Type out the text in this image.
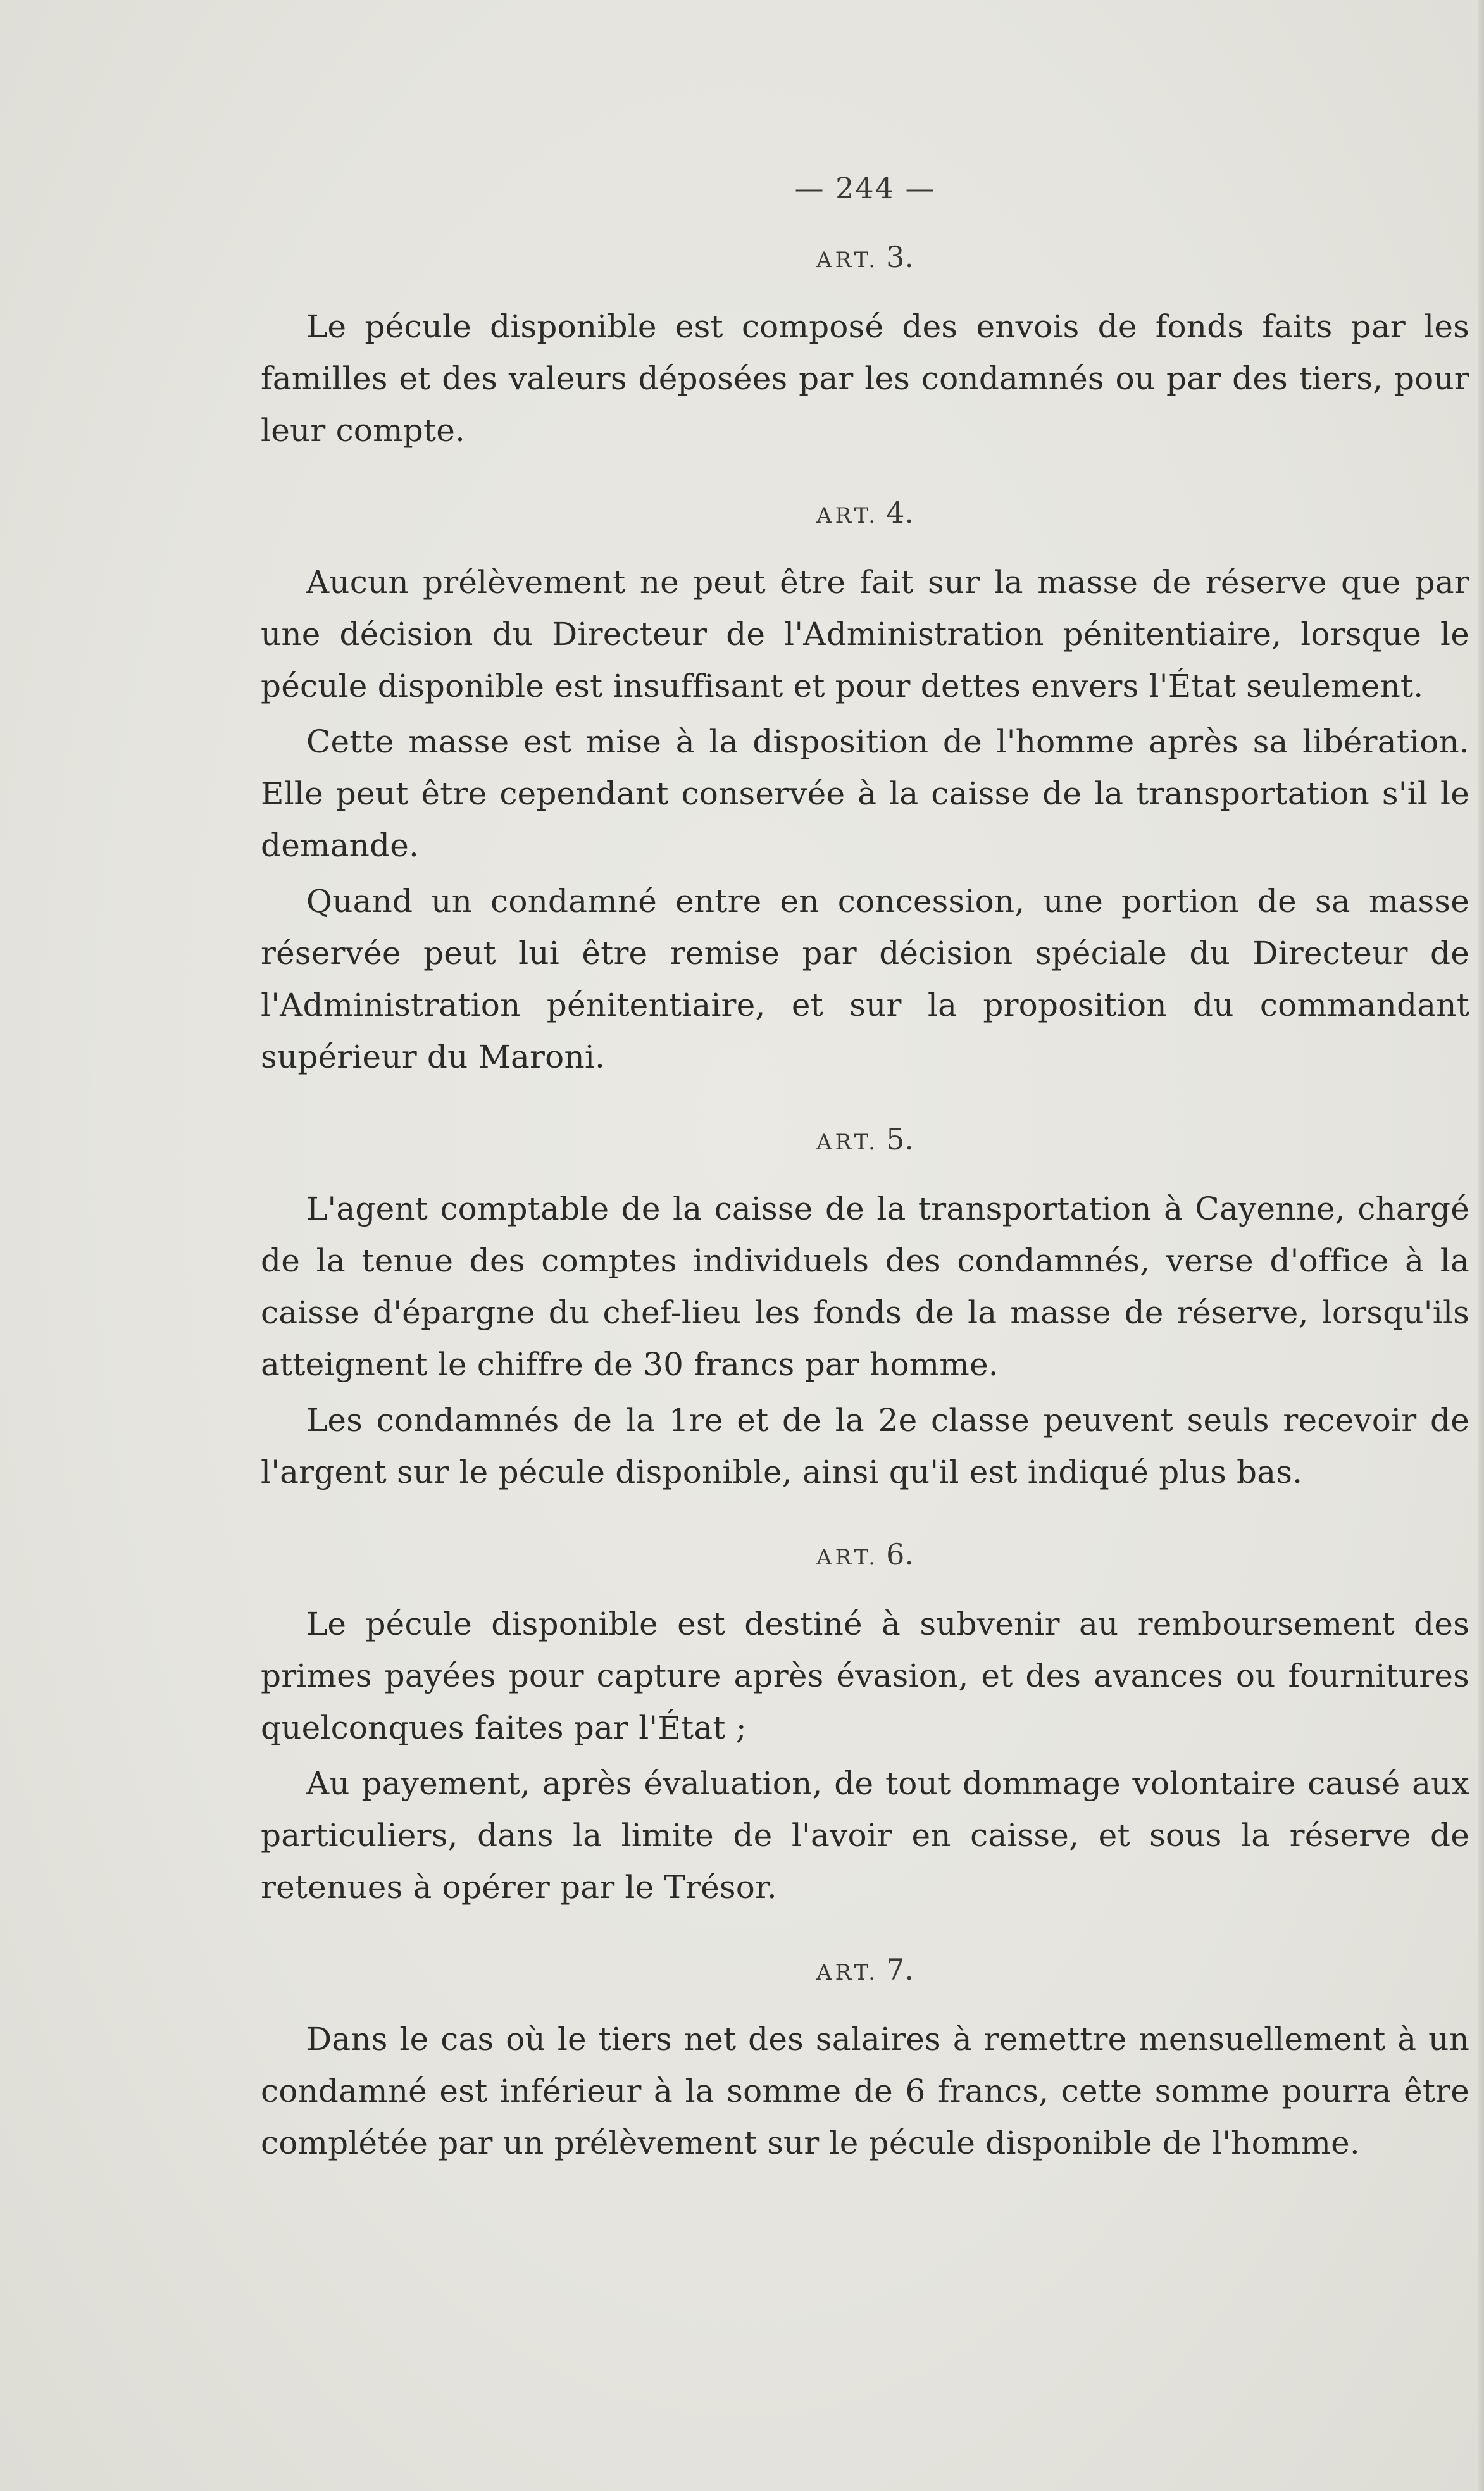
— 244 —
ART. 3.

Le pécule disponible est composé des envois de fonds faits par les familles et des valeurs déposées par les condamnés ou par des tiers, pour leur compte.

ART. 4.

Aucun prélèvement ne peut être fait sur la masse de réserve que par une décision du Directeur de l'Administration pénitentiaire, lorsque le pécule disponible est insuffisant et pour dettes envers l'État seulement.

Cette masse est mise à la disposition de l'homme après sa libération. Elle peut être cependant conservée à la caisse de la transportation s'il le demande.

Quand un condamné entre en concession, une portion de sa masse réservée peut lui être remise par décision spéciale du Directeur de l'Administration pénitentiaire, et sur la proposition du commandant supérieur du Maroni.

ART. 5.

L'agent comptable de la caisse de la transportation à Cayenne, chargé de la tenue des comptes individuels des condamnés, verse d'office à la caisse d'épargne du chef-lieu les fonds de la masse de réserve, lorsqu'ils atteignent le chiffre de 30 francs par homme.

Les condamnés de la 1re et de la 2e classe peuvent seuls recevoir de l'argent sur le pécule disponible, ainsi qu'il est indiqué plus bas.

ART. 6.

Le pécule disponible est destiné à subvenir au remboursement des primes payées pour capture après évasion, et des avances ou fournitures quelconques faites par l'État ;

Au payement, après évaluation, de tout dommage volontaire causé aux particuliers, dans la limite de l'avoir en caisse, et sous la réserve de retenues à opérer par le Trésor.

ART. 7.

Dans le cas où le tiers net des salaires à remettre mensuellement à un condamné est inférieur à la somme de 6 francs, cette somme pourra être complétée par un prélèvement sur le pécule disponible de l'homme.
